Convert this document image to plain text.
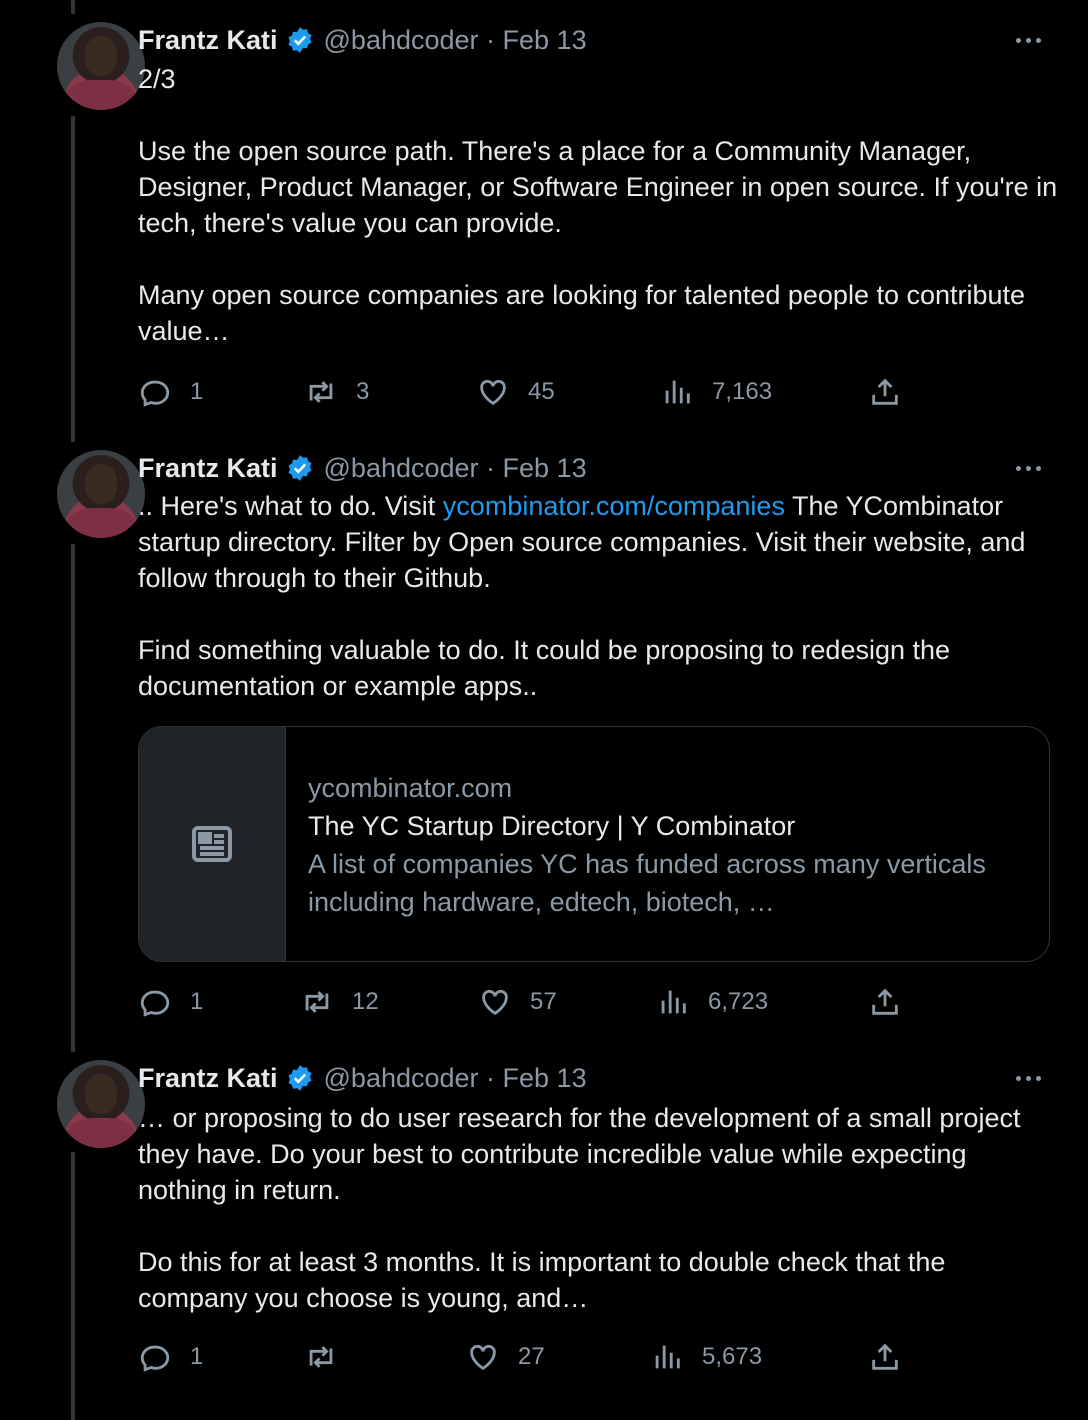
Frantz Kati @bahdcoder · Feb 13

2/3

Use the open source path. There's a place for a Community Manager, Designer, Product Manager, or Software Engineer in open source. If you're in tech, there's value you can provide.

Many open source companies are looking for talented people to contribute value…

1	3	45	7,163
Frantz Kati @bahdcoder · Feb 13

.. Here's what to do. Visit ycombinator.com/companies The YCombinator startup directory. Filter by Open source companies. Visit their website, and follow through to their Github.

Find something valuable to do. It could be proposing to redesign the documentation or example apps..

ycombinator.com
The YC Startup Directory | Y Combinator
A list of companies YC has funded across many verticals including hardware, edtech, biotech, …
1	12	57	6,723
Frantz Kati @bahdcoder · Feb 13

… or proposing to do user research for the development of a small project they have. Do your best to contribute incredible value while expecting nothing in return.

Do this for at least 3 months. It is important to double check that the company you choose is young, and…

1	27	5,673
